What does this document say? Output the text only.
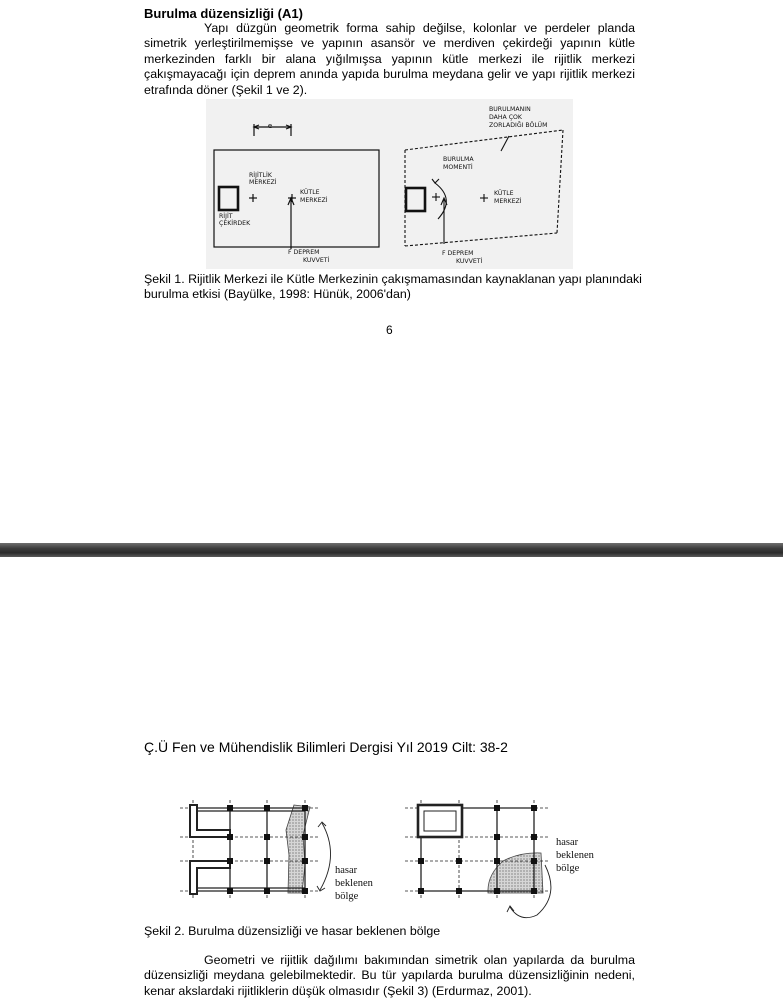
Burulma düzensizliği (A1)
Yapı düzgün geometrik forma sahip değilse, kolonlar ve perdeler planda simetrik yerleştirilmemişse ve yapının asansör ve merdiven çekirdeği yapının kütle merkezinden farklı bir alana yığılmışsa yapının kütle merkezi ile rijitlik merkezi çakışmayacağı için deprem anında yapıda burulma meydana gelir ve yapı rijitlik merkezi etrafında döner (Şekil 1 ve 2).
e
RİJİTLİK
MERKEZİ
KÜTLE
MERKEZİ
RİJİT
ÇEKİRDEK
F DEPREM
KUVVETİ
BURULMA
MOMENTİ
KÜTLE
MERKEZİ
F DEPREM
KUVVETİ
BURULMANIN
DAHA ÇOK
ZORLADIĞI BÖLÜM
Şekil 1. Rijitlik Merkezi ile Kütle Merkezinin çakışmamasından kaynaklanan yapı planındaki burulma etkisi (Bayülke, 1998: Hünük, 2006'dan)
6
Ç.Ü Fen ve Mühendislik Bilimleri Dergisi Yıl 2019 Cilt: 38-2
hasar
beklenen
bölge
hasar
beklenen
bölge
Şekil 2. Burulma düzensizliği ve hasar beklenen bölge
Geometri ve rijitlik dağılımı bakımından simetrik olan yapılarda da burulma düzensizliği meydana gelebilmektedir. Bu tür yapılarda burulma düzensizliğinin nedeni, kenar akslardaki rijitliklerin düşük olmasıdır (Şekil 3) (Erdurmaz, 2001).
